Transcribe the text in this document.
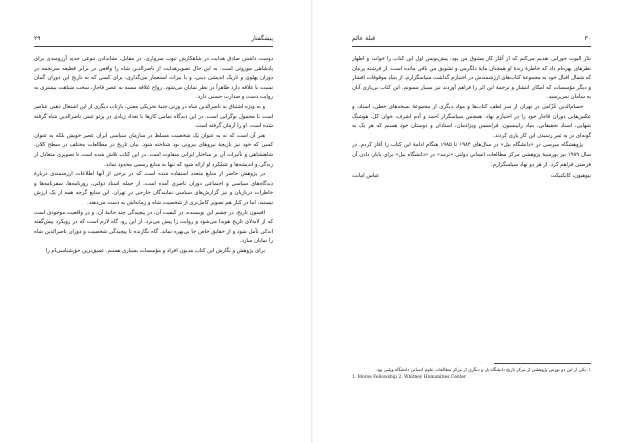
۲۹	پیشگفتار

دوست داشتن صادق هدایت در شاهکارش تبوب سرواری. در مقابل، نشاندادن تنوعی جدید آرزومندی برای پادشاهی موروثی است. به این حال تصویرهدایت از ناصرالدین شاه را واقعی در برابر قطیعه سرنجمه در دوران پهلوی و تاریک اندیشی دینی، و با بیرات استعمار می‌گذاری، برای کسی که به تاریخ این دوران گمان نسبت با علاقه دارد ظاهراً در نظر نمایان می‌شود. رواج علاقه منسه به عصر قاجار، سخت شباهت بیشتری به روایت دست و صدارت حسنی دارد.

و به ویژه اشتیاق به ناصرالدین شاه در وزنی جنبۀ تحریکی معنی، بازتاب دیگری از این اشتغال ذهنی عناصر است با محمول نوگرایی است. در این دیدگاه تمامی کارها با تعداد زیادی در پرتو عینی ناصرالدین شاه گرفته شده است. او را آرمان گرفته است.

هنر آن است که نه به عنوان یک شخصیت مسلط در سازمان سیاسی ایران عصر خویش بلکه به عنوان کسی که خود نیز بازیچۀ نیروهای بیرونی بود شناخته شود. بیان تاریخ در مطالعات مختلف در سطح کلان، شاهنشاهی و تأثیرات آن بر ساختار ایرانی متفاوت است. در این کتاب تلاش شده است تا تصویری متعادل از زندگی و اندیشه‌ها و عملکرد او ارائه شود که تنها به منابع رسمی محدود نماند.

در پژوهش حاضر از منابع متعدد استفاده شده است که در برخی از آنها اطلاعات ارزشمندی دربارۀ دیدگاه‌های سیاسی و اجتماعی دوران ناصری آمده است. از جمله اسناد دولتی، روزنامه‌ها، سفرنامه‌ها و خاطرات درباریان و نیز گزارش‌های سیاسی نمایندگان خارجی در تهران. این منابع گرچه همه از یک ارزش نیستند، اما در کنار هم تصویر کامل‌تری از شخصیت شاه و زمانه‌اش به دست می‌دهند.

افسون تاریخ، در چشم این نویسنده، در کیفیت آن، در پیچیدگی چند جانبۀ آن، و در واقعیت موجودی است که از لابه‌لای تاریخ هویدا می‌شود و روایت را پیش می‌برد. از این رو، گاه لازم است که در رویکرد پیش‌گفته اندکی تأمل شود و از حقایق خاص جا بی‌بهره نماند. گاه نگارنده تا پیچیدگی شخصیت و دوران ناصرالدین شاه را نمایان سازد.

برای پژوهش و نگارش این کتاب مدیون افراد و مؤسسات بسیاری هستم. عمیق‌ترین حق‌شناسی‌ام را

۳۰
قبلۀ عالم

نثار الیوت حورانی تقدیم می‌کنم که از آغاز کار مشوق من بود. پیش‌نویس اول این کتاب را خواند، و اظهار نظرهای بهره‌ام داد که خاطرۀ زندۀ او همچنان مایۀ دلگرمی و تشویق من باقی مانده است. از فرشته پرنیان که شمال اقبال خود به مجموعۀ کتاب‌های ارزشمندش در اختیارم گذاشت سپاسگزارم. از بنیاد موقوفات افشار و دیگر مؤسسات که امکان انتشار و ترجمۀ این اثر را فراهم آوردند نیز بسیار ممنونم. این کتاب بی‌یاری آنان به سامان نمی‌رسید.

حسام‌الدین غَزّامی در تهران از سر لطف کتاب‌ها و مواد دیگری از مجموعۀ نسخه‌های خطی، اسناد، و عکس‌هایی دوران قاجار خود را در اختیارم نهاد. همچنین سپاسگزار احمد و آدم اشرف، خوان کل، هوشنگ شهابی، اسناد تحقیقاتی، بنیاد رابینسون، فرانسس ویزادمان، استادان و دوستان خود هستم که هر یک به گونه‌ای در به ثمر رسیدن این کار یاری کردند.

پژوهشگاه میرسی در «دانشگاه بیل» در سال‌های ۱۹۸۴ تا ۱۹۸۵ هنگام ادامۀ این کتاب را آغاز کردم. در سال ۱۹۸۹ نیز بورسیۀ پژوهشی مرکز مطالعات انسانی دولتی «ترمد» در «دانشگاه بیل» برای پایان دادن آن فرصتی فراهم کرد. از هر دو نهاد سپاسگزارم.

نیوهیون، کانکتیکت
عباس امانت
۱. یکی از این دو بورس پژوهشی از مرکز تاریخ دانشگاه یل و دیگری از مرکز مطالعات علوم انسانی دانشگاه ویتنی بود.
1. Morse Fellowship 2. Whitney Humanities Center
